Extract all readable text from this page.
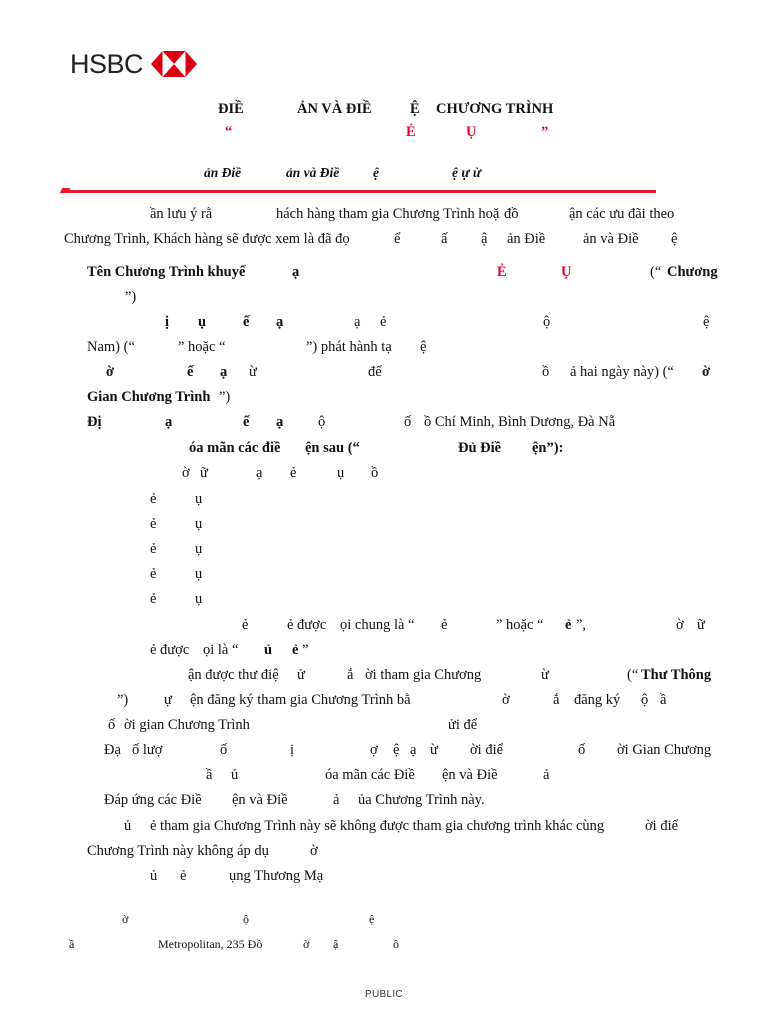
HSBC
ĐIỀ	ẢN VÀ ĐIỀ	Ệ CHƯƠNG TRÌNH
“	Ẻ	Ụ	”
ản Điề	ản và Điề	ệ	ệ ự ừ
ần lưu ý rằ	hách hàng tham gia Chương Trình hoặ đồ	ận các ưu đãi theo
Chương Trình, Khách hàng sẽ được xem là đã đọ	ể	ấ ậ ản Điề	ản và Điề ệ
Tên Chương Trình khuyế	ạ	Ẻ	Ụ	(“ Chương
”)
ị ụ	ế ạ	ạ ẻ	ộ	ệ
Nam) (“	” hoặc “	”) phát hành tạ ệ
ờ	ế ạ ừ	để	ồ ả hai ngày này) (“ ờ
Gian Chương Trình ”)
Đị	ạ	ế ạ ộ	ố ồ Chí Minh, Bình Dương, Đà Nẵ
óa mãn các điề ện sau (“	Đủ Điề ện”):
ờ ữ	ạ ẻ	ụ ồ
ẻ	ụ
ẻ	ụ
ẻ	ụ
ẻ	ụ
ẻ	ụ
ẻ	ẻ được ọi chung là “ ẻ	” hoặc “ ẻ ”,	ờ ữ
ẻ được ọi là “ ủ ẻ ”
ận được thư điệ ử	ắ ời tham gia Chương	ừ	(“ Thư Thông
”) ự ện đăng ký tham gia Chương Trình bằ	ờ	ắ đăng ký ộ ầ
ố ời gian Chương Trình	ửi để
Đạ ố lượ	ố	ị	ợ ệ ạ ừ ời điể	ố ời Gian Chương
ầ ủ	óa mãn các Điề ện và Điề	ả
Đáp ứng các Điề ện và Điề	ả ủa Chương Trình này.
ủ ẻ tham gia Chương Trình này sẽ không được tham gia chương trình khác cùng	ời điể
Chương Trình này không áp dụ	ờ
ủ ẻ	ụng Thương Mạ
ờ	ộ	ệ
ầ	Metropolitan, 235 Đồ	ờ ậ	ồ
PUBLIC
